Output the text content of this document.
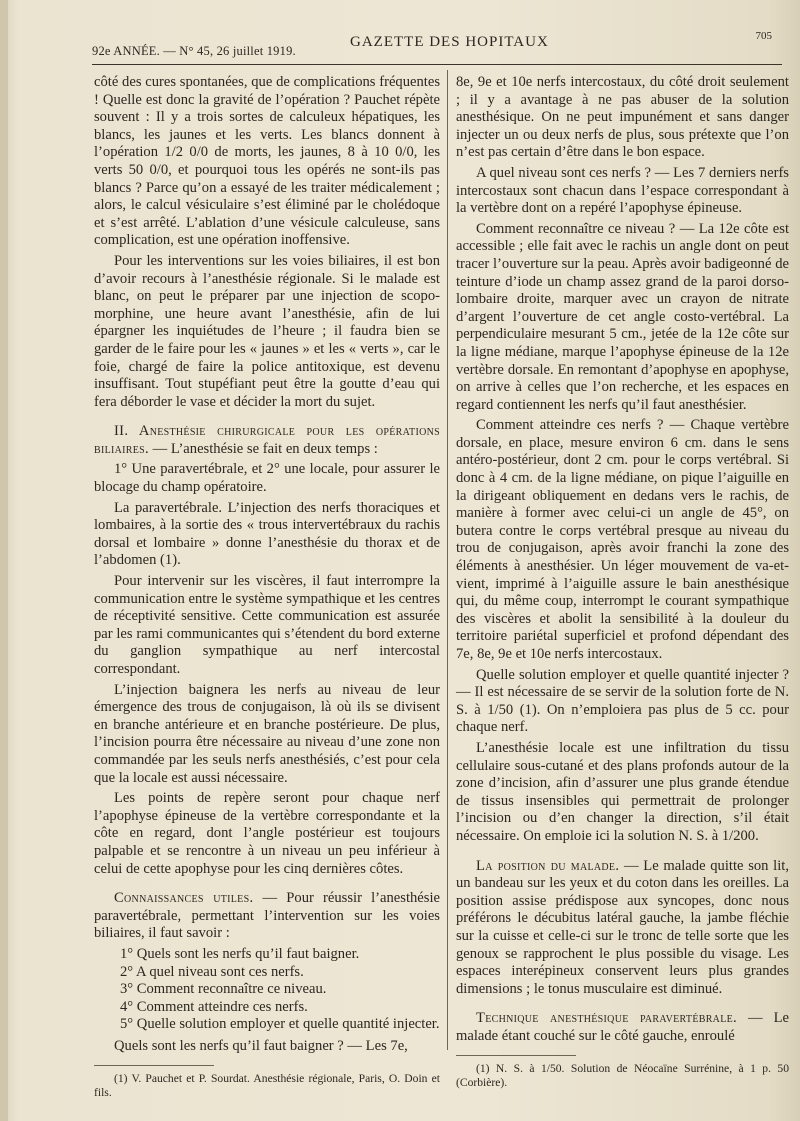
92e ANNÉE. — N° 45, 26 juillet 1919.
GAZETTE DES HOPITAUX	705

côté des cures spontanées, que de complications fréquentes ! Quelle est donc la gravité de l’opération ? Pauchet répète souvent : Il y a trois sortes de calculeux hépatiques, les blancs, les jaunes et les verts. Les blancs donnent à l’opération 1/2 0/0 de morts, les jaunes, 8 à 10 0/0, les verts 50 0/0, et pourquoi tous les opérés ne sont-ils pas blancs ? Parce qu’on a essayé de les traiter médicalement ; alors, le calcul vésiculaire s’est éliminé par le cholédoque et s’est arrêté. L’ablation d’une vésicule calculeuse, sans complication, est une opération inoffensive.

Pour les interventions sur les voies biliaires, il est bon d’avoir recours à l’anesthésie régionale. Si le malade est blanc, on peut le préparer par une injection de scopo-morphine, une heure avant l’anesthésie, afin de lui épargner les inquiétudes de l’heure ; il faudra bien se garder de le faire pour les « jaunes » et les « verts », car le foie, chargé de faire la police antitoxique, est devenu insuffisant. Tout stupéfiant peut être la goutte d’eau qui fera déborder le vase et décider la mort du sujet.

II. Anesthésie chirurgicale pour les opérations biliaires. — L’anesthésie se fait en deux temps :

1° Une paravertébrale, et 2° une locale, pour assurer le blocage du champ opératoire.

La paravertébrale. L’injection des nerfs thoraciques et lombaires, à la sortie des « trous intervertébraux du rachis dorsal et lombaire » donne l’anesthésie du thorax et de l’abdomen (1).

Pour intervenir sur les viscères, il faut interrompre la communication entre le système sympathique et les centres de réceptivité sensitive. Cette communication est assurée par les rami communicantes qui s’étendent du bord externe du ganglion sympathique au nerf intercostal correspondant.

L’injection baignera les nerfs au niveau de leur émergence des trous de conjugaison, là où ils se divisent en branche antérieure et en branche postérieure. De plus, l’incision pourra être nécessaire au niveau d’une zone non commandée par les seuls nerfs anesthésiés, c’est pour cela que la locale est aussi nécessaire.

Les points de repère seront pour chaque nerf l’apophyse épineuse de la vertèbre correspondante et la côte en regard, dont l’angle postérieur est toujours palpable et se rencontre à un niveau un peu inférieur à celui de cette apophyse pour les cinq dernières côtes.

Connaissances utiles. — Pour réussir l’anesthésie paravertébrale, permettant l’intervention sur les voies biliaires, il faut savoir :

1° Quels sont les nerfs qu’il faut baigner.
2° A quel niveau sont ces nerfs.
3° Comment reconnaître ce niveau.
4° Comment atteindre ces nerfs.
5° Quelle solution employer et quelle quantité injecter.

Quels sont les nerfs qu’il faut baigner ? — Les 7e,

(1) V. Pauchet et P. Sourdat. Anesthésie régionale, Paris, O. Doin et fils.

8e, 9e et 10e nerfs intercostaux, du côté droit seulement ; il y a avantage à ne pas abuser de la solution anesthésique. On ne peut impunément et sans danger injecter un ou deux nerfs de plus, sous prétexte que l’on n’est pas certain d’être dans le bon espace.

A quel niveau sont ces nerfs ? — Les 7 derniers nerfs intercostaux sont chacun dans l’espace correspondant à la vertèbre dont on a repéré l’apophyse épineuse.

Comment reconnaître ce niveau ? — La 12e côte est accessible ; elle fait avec le rachis un angle dont on peut tracer l’ouverture sur la peau. Après avoir badigeonné de teinture d’iode un champ assez grand de la paroi dorso-lombaire droite, marquer avec un crayon de nitrate d’argent l’ouverture de cet angle costo-vertébral. La perpendiculaire mesurant 5 cm., jetée de la 12e côte sur la ligne médiane, marque l’apophyse épineuse de la 12e vertèbre dorsale. En remontant d’apophyse en apophyse, on arrive à celles que l’on recherche, et les espaces en regard contiennent les nerfs qu’il faut anesthésier.

Comment atteindre ces nerfs ? — Chaque vertèbre dorsale, en place, mesure environ 6 cm. dans le sens antéro-postérieur, dont 2 cm. pour le corps vertébral. Si donc à 4 cm. de la ligne médiane, on pique l’aiguille en la dirigeant obliquement en dedans vers le rachis, de manière à former avec celui-ci un angle de 45°, on butera contre le corps vertébral presque au niveau du trou de conjugaison, après avoir franchi la zone des éléments à anesthésier. Un léger mouvement de va-et-vient, imprimé à l’aiguille assure le bain anesthésique qui, du même coup, interrompt le courant sympathique des viscères et abolit la sensibilité à la douleur du territoire pariétal superficiel et profond dépendant des 7e, 8e, 9e et 10e nerfs intercostaux.

Quelle solution employer et quelle quantité injecter ? — Il est nécessaire de se servir de la solution forte de N. S. à 1/50 (1). On n’emploiera pas plus de 5 cc. pour chaque nerf.

L’anesthésie locale est une infiltration du tissu cellulaire sous-cutané et des plans profonds autour de la zone d’incision, afin d’assurer une plus grande étendue de tissus insensibles qui permettrait de prolonger l’incision ou d’en changer la direction, s’il était nécessaire. On emploie ici la solution N. S. à 1/200.

La position du malade. — Le malade quitte son lit, un bandeau sur les yeux et du coton dans les oreilles. La position assise prédispose aux syncopes, donc nous préférons le décubitus latéral gauche, la jambe fléchie sur la cuisse et celle-ci sur le tronc de telle sorte que les genoux se rapprochent le plus possible du visage. Les espaces interépineux conservent leurs plus grandes dimensions ; le tonus musculaire est diminué.

Technique anesthésique paravertébrale. — Le malade étant couché sur le côté gauche, enroulé

(1) N. S. à 1/50. Solution de Néocaïne Surrénine, à 1 p. 50 (Corbière).
